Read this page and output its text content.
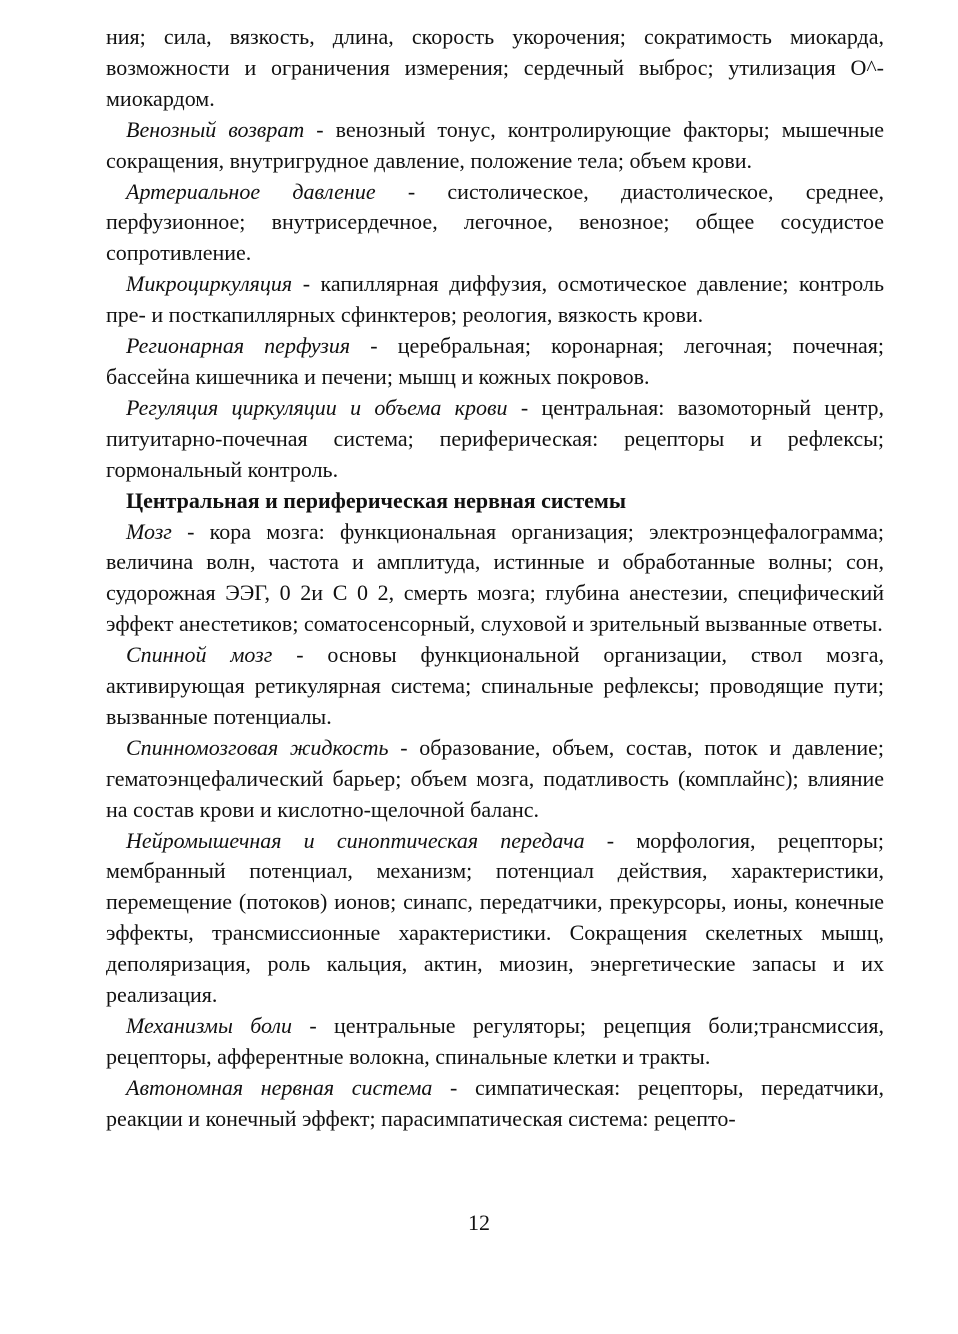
ния; сила, вязкость, длина, скорость укорочения; сократимость миокарда, возможности и ограничения измерения; сердечный выброс; утилизация О^-миокардом.

Венозный возврат - венозный тонус, контролирующие факторы; мышечные сокращения, внутригрудное давление, положение тела; объем крови.

Артериальное давление - систолическое, диастолическое, среднее, перфузионное; внутрисердечное, легочное, венозное; общее сосудистое сопротивление.

Микроциркуляция - капиллярная диффузия, осмотическое давление; контроль пре- и посткапиллярных сфинктеров; реология, вязкость крови.

Регионарная перфузия - церебральная; коронарная; легочная; почечная; бассейна кишечника и печени; мышц и кожных покровов.

Регуляция циркуляции и объема крови - центральная: вазомоторный центр, питуитарно-почечная система; периферическая: рецепторы и рефлексы; гормональный контроль.

Центральная и периферическая нервная системы

Мозг - кора мозга: функциональная организация; электроэнцефалограмма; величина волн, частота и амплитуда, истинные и обработанные волны; сон, судорожная ЭЭГ, 0 2и С 0 2, смерть мозга; глубина анестезии, специфический эффект анестетиков; соматосенсорный, слуховой и зрительный вызванные ответы.

Спинной мозг - основы функциональной организации, ствол мозга, активирующая ретикулярная система; спинальные рефлексы; проводящие пути; вызванные потенциалы.

Спинномозговая жидкость - образование, объем, состав, поток и давление; гематоэнцефалический барьер; объем мозга, податливость (комплайнс); влияние на состав крови и кислотно-щелочной баланс.

Нейромышечная и синоптическая передача - морфология, рецепторы; мембранный потенциал, механизм; потенциал действия, характеристики, перемещение (потоков) ионов; синапс, передатчики, прекурсоры, ионы, конечные эффекты, трансмиссионные характеристики. Сокращения скелетных мышц, деполяризация, роль кальция, актин, миозин, энергетические запасы и их реализация.

Механизмы боли - центральные регуляторы; рецепция боли;трансмиссия, рецепторы, афферентные волокна, спинальные клетки и тракты.

Автономная нервная система - симпатическая: рецепторы, передатчики, реакции и конечный эффект; парасимпатическая система: рецепто-

12
